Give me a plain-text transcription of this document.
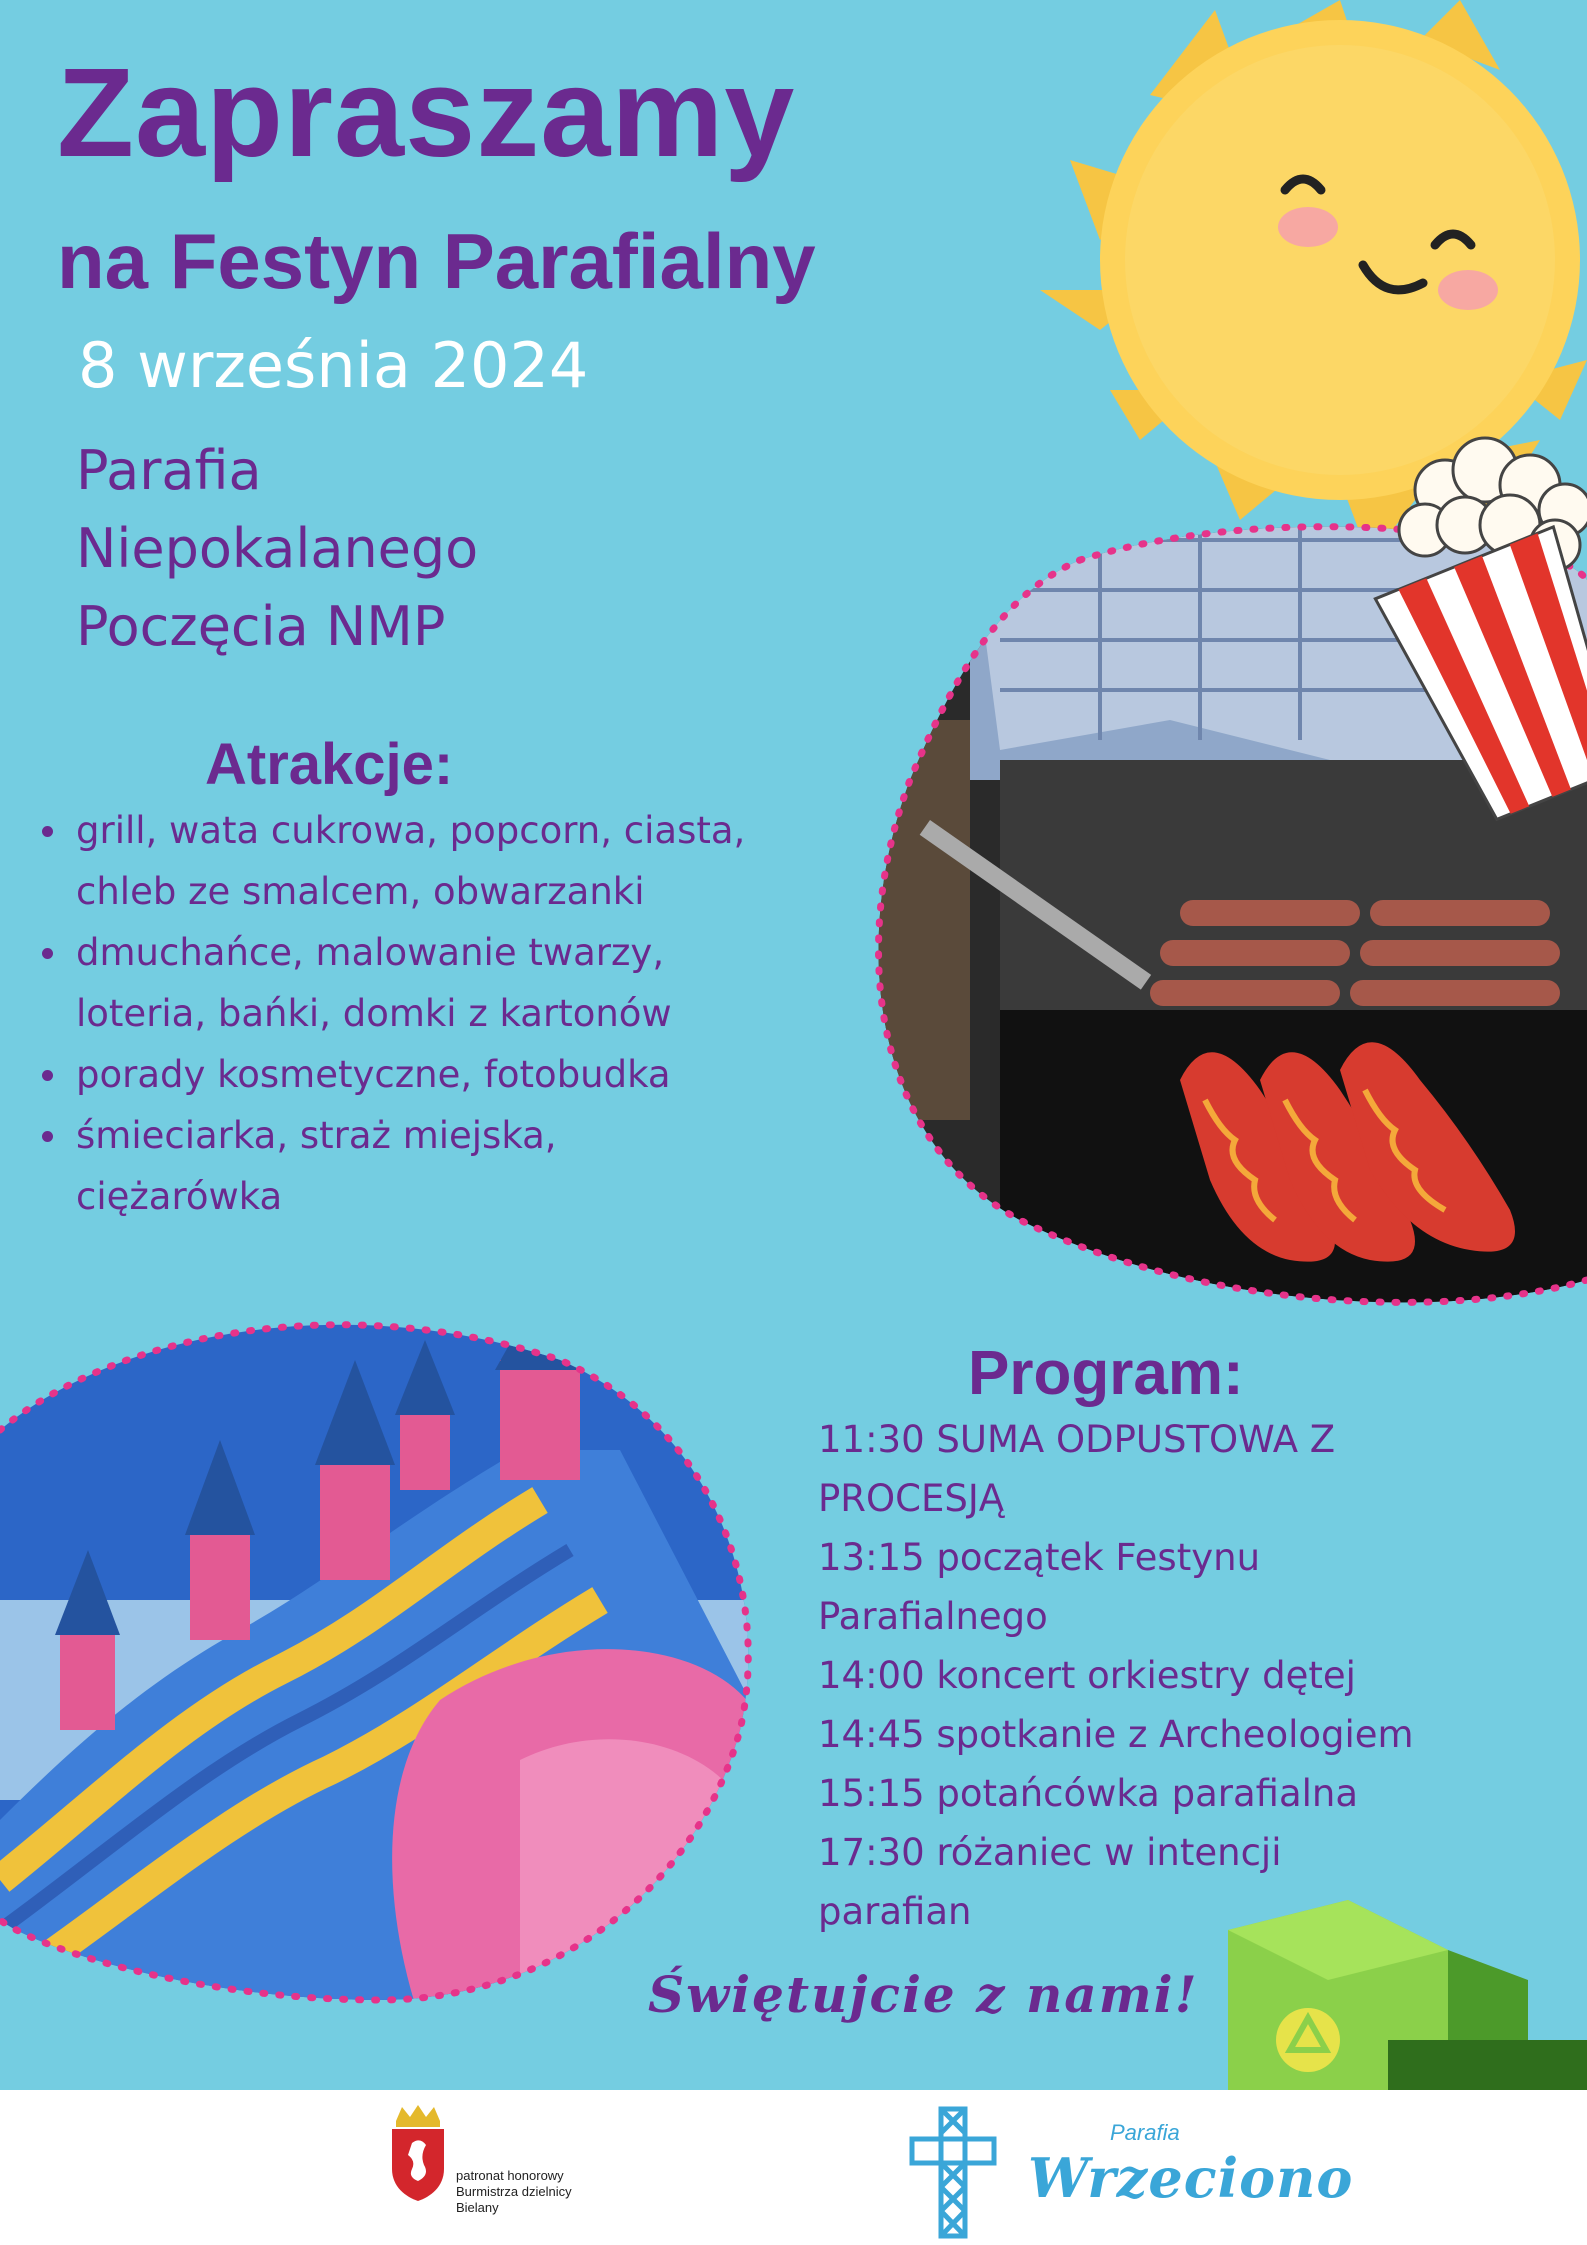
Zapraszamy
na Festyn Parafialny
8 września 2024
Parafia
Niepokalanego
Poczęcia NMP
Atrakcje:
grill, wata cukrowa, popcorn, ciasta, chleb ze smalcem, obwarzanki
dmuchańce, malowanie twarzy, loteria, bańki, domki z kartonów
porady kosmetyczne, fotobudka
śmieciarka, straż miejska, ciężarówka
Program:
11:30 SUMA ODPUSTOWA Z
PROCESJĄ
13:15 początek Festynu
Parafialnego
14:00 koncert orkiestry dętej
14:45 spotkanie z Archeologiem
15:15 potańcówka parafialna
17:30 różaniec w intencji
parafian
Świętujcie z nami!
patronat honorowy Burmistrza dzielnicy Bielany
Parafia
Wrzeciono
